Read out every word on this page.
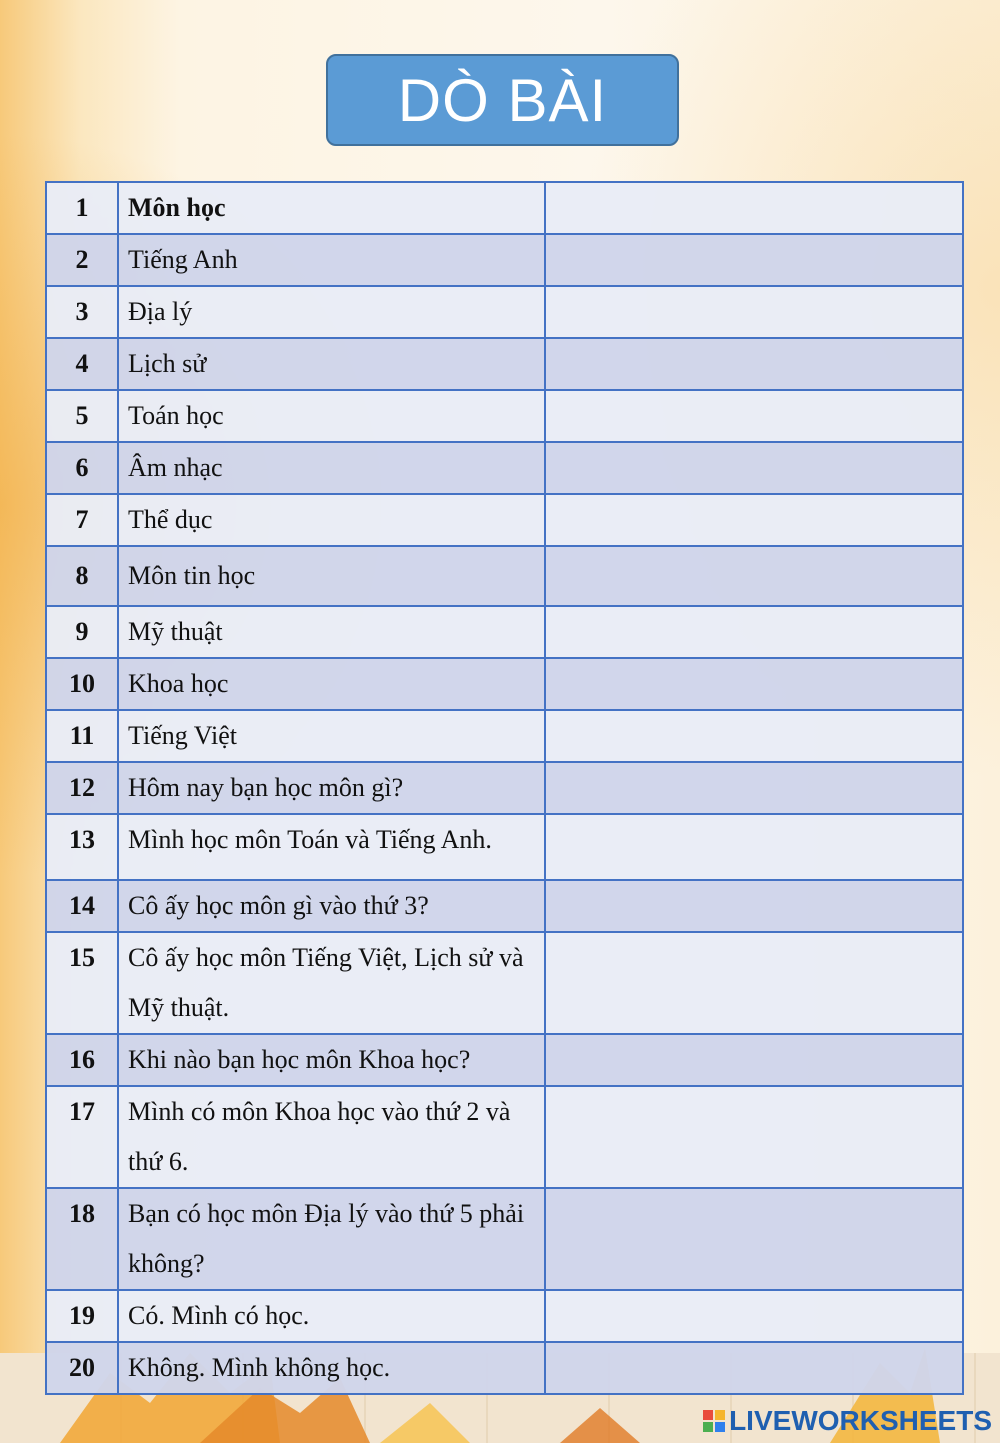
DÒ BÀI
1	Môn học	
2	Tiếng Anh	
3	Địa lý	
4	Lịch sử	
5	Toán học	
6	Âm nhạc	
7	Thể dục	
8	Môn tin học	
9	Mỹ thuật	
10	Khoa học	
11	Tiếng Việt	
12	Hôm nay bạn học môn gì?	
13	Mình học môn Toán và Tiếng Anh.	
14	Cô ấy học môn gì vào thứ 3?	
15	Cô ấy học môn Tiếng Việt, Lịch sử và Mỹ thuật.	
16	Khi nào bạn học môn Khoa học?	
17	Mình có môn Khoa học vào thứ 2 và thứ 6.	
18	Bạn có học môn Địa lý vào thứ 5 phải không?	
19	Có. Mình có học.	
20	Không. Mình không học.	
LIVEWORKSHEETS
